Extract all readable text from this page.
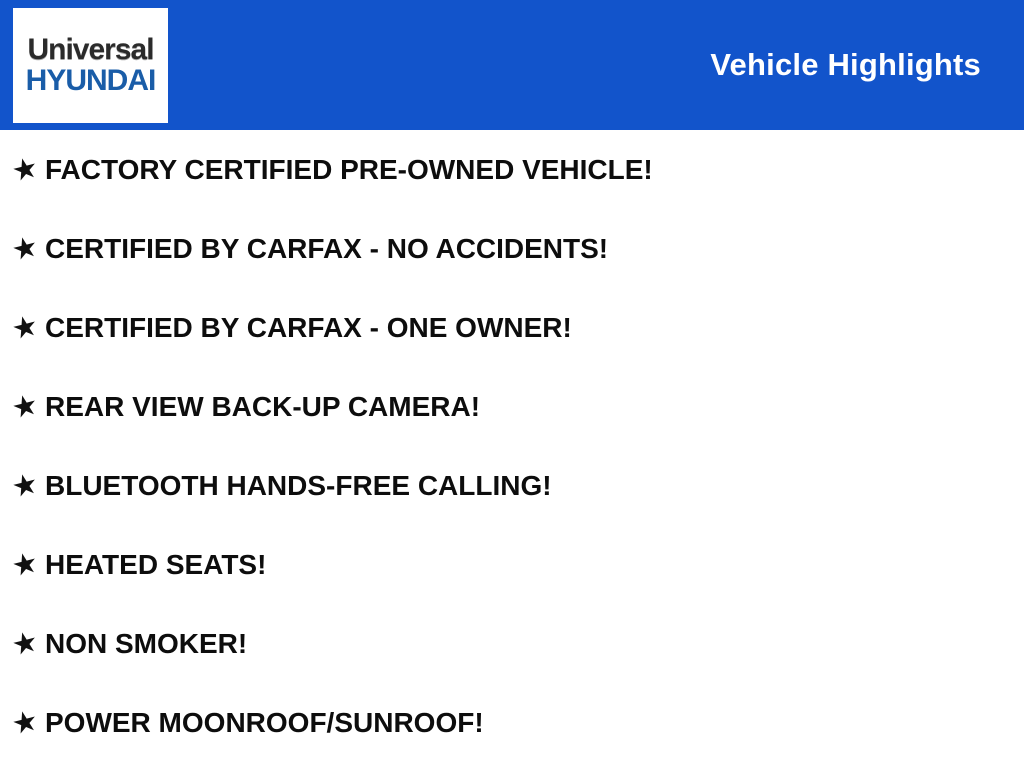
Universal
HYUNDAI	Vehicle Highlights
★ FACTORY CERTIFIED PRE-OWNED VEHICLE!
★ CERTIFIED BY CARFAX - NO ACCIDENTS!
★ CERTIFIED BY CARFAX - ONE OWNER!
★ REAR VIEW BACK-UP CAMERA!
★ BLUETOOTH HANDS-FREE CALLING!
★ HEATED SEATS!
★ NON SMOKER!
★ POWER MOONROOF/SUNROOF!
